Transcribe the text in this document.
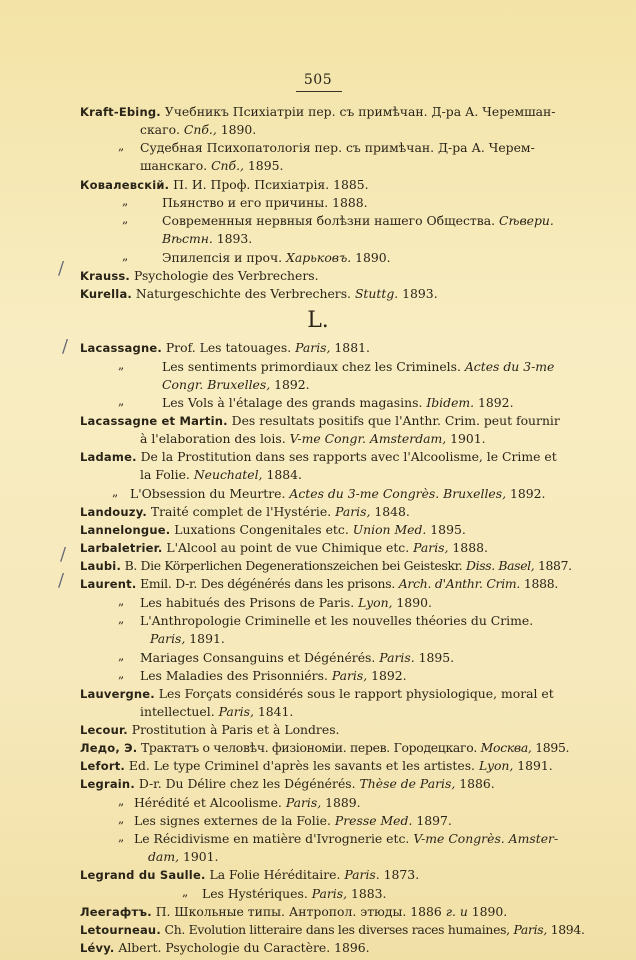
505
/
/
/
/
L.
Kraft-Ebing. Учебникъ Психіатріи пер. съ примѣчан. Д-ра А. Черемшан-
скаго. Спб., 1890.
„ Судебная Психопатологія пер. съ примѣчан. Д-ра А. Черем-
шанскаго. Спб., 1895.
Ковалевскій. П. И. Проф. Психіатрія. 1885.
„	Пьянство и его причины. 1888.
„	Современныя нервныя болѣзни нашего Общества. Сѣвери.
Вѣстн. 1893.
„	Эпилепсія и проч. Харьковъ. 1890.
Krauss. Psychologie des Verbrechers.
Kurella. Naturgeschichte des Verbrechers. Stuttg. 1893.
Lacassagne. Prof. Les tatouages. Paris, 1881.
„	Les sentiments primordiaux chez les Criminels. Actes du 3-me
Congr. Bruxelles, 1892.
„	Les Vols à l'étalage des grands magasins. Ibidem. 1892.
Lacassagne et Martin. Des resultats positifs que l'Anthr. Crim. peut fournir
à l'elaboration des lois. V-me Congr. Amsterdam, 1901.
Ladame. De la Prostitution dans ses rapports avec l'Alcoolisme, le Crime et
la Folie. Neuchatel, 1884.
„ L'Obsession du Meurtre. Actes du 3-me Congrès. Bruxelles, 1892.
Landouzy. Traité complet de l'Hystérie. Paris, 1848.
Lannelongue. Luxations Congenitales etc. Union Med. 1895.
Larbaletrier. L'Alcool au point de vue Chimique etc. Paris, 1888.
Laubi. B. Die Körperlichen Degenerationszeichen bei Geisteskr. Diss. Basel, 1887.
Laurent. Emil. D-r. Des dégénérés dans les prisons. Arch. d'Anthr. Crim. 1888.
„ Les habitués des Prisons de Paris. Lyon, 1890.
„ L'Anthropologie Criminelle et les nouvelles théories du Crime.
Paris, 1891.
„ Mariages Consanguins et Dégénérés. Paris. 1895.
„ Les Maladies des Prisonniérs. Paris, 1892.
Lauvergne. Les Forçats considérés sous le rapport physiologique, moral et
intellectuel. Paris, 1841.
Lecour. Prostitution à Paris et à Londres.
Ледо, Э. Трактатъ о человѣч. физіономіи. перев. Городецкаго. Москва, 1895.
Lefort. Ed. Le type Criminel d'après les savants et les artistes. Lyon, 1891.
Legrain. D-r. Du Délire chez les Dégénérés. Thèse de Paris, 1886.
„ Hérédité et Alcoolisme. Paris, 1889.
„ Les signes externes de la Folie. Presse Med. 1897.
„ Le Récidivisme en matière d'Ivrognerie etc. V-me Congrès. Amster-
dam, 1901.
Legrand du Saulle. La Folie Héréditaire. Paris. 1873.
„ Les Hystériques. Paris, 1883.
Леегафтъ. П. Школьные типы. Антропол. этюды. 1886 г. и 1890.
Letourneau. Ch. Evolution litteraire dans les diverses races humaines, Paris, 1894.
Lévy. Albert. Psychologie du Caractère. 1896.
